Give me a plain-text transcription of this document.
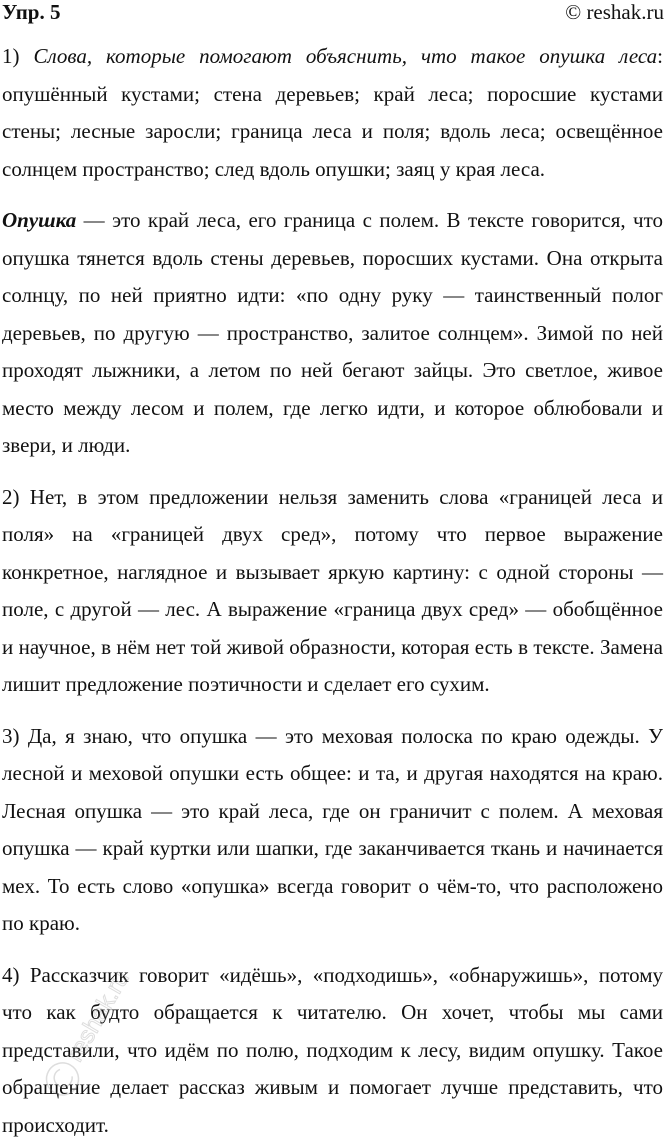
Упр. 5	© reshak.ru

1) Слова, которые помогают объяснить, что такое опушка леса: опушённый кустами; стена деревьев; край леса; поросшие кустами стены; лесные заросли; граница леса и поля; вдоль леса; освещённое солнцем пространство; след вдоль опушки; заяц у края леса.

Опушка — это край леса, его граница с полем. В тексте говорится, что опушка тянется вдоль стены деревьев, поросших кустами. Она открыта солнцу, по ней приятно идти: «по одну руку — таинственный полог деревьев, по другую — пространство, залитое солнцем». Зимой по ней проходят лыжники, а летом по ней бегают зайцы. Это светлое, живое место между лесом и полем, где легко идти, и которое облюбовали и звери, и люди.

2) Нет, в этом предложении нельзя заменить слова «границей леса и поля» на «границей двух сред», потому что первое выражение конкретное, наглядное и вызывает яркую картину: с одной стороны — поле, с другой — лес. А выражение «граница двух сред» — обобщённое и научное, в нём нет той живой образности, которая есть в тексте. Замена лишит предложение поэтичности и сделает его сухим.

3) Да, я знаю, что опушка — это меховая полоска по краю одежды. У лесной и меховой опушки есть общее: и та, и другая находятся на краю. Лесная опушка — это край леса, где он граничит с полем. А меховая опушка — край куртки или шапки, где заканчивается ткань и начинается мех. То есть слово «опушка» всегда говорит о чём-то, что расположено по краю.

4) Рассказчик говорит «идёшь», «подходишь», «обнаружишь», потому что как будто обращается к читателю. Он хочет, чтобы мы сами представили, что идём по полю, подходим к лесу, видим опушку. Такое обращение делает рассказ живым и помогает лучше представить, что происходит.

reshak.ru
